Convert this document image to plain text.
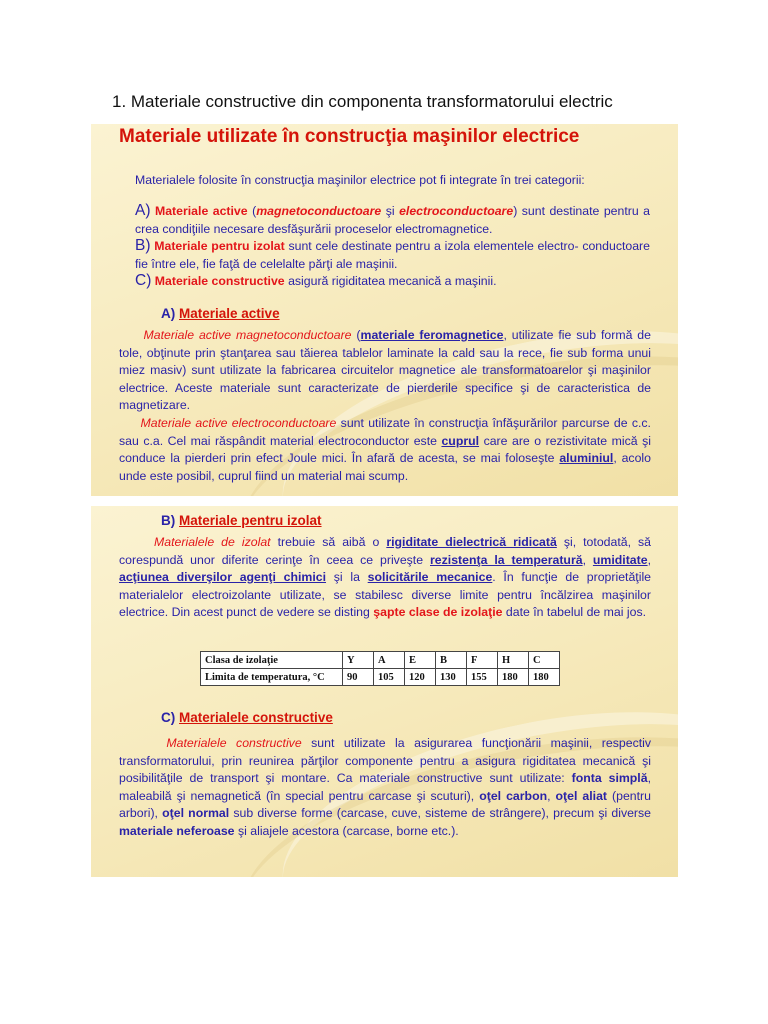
1. Materiale constructive din componenta transformatorului electric
Materiale utilizate în construcţia maşinilor electrice
Materialele folosite în construcţia maşinilor electrice pot fi integrate în trei categorii:
A) Materiale active (magnetoconductoare şi electroconductoare) sunt destinate pentru a crea condiţiile necesare desfăşurării proceselor electromagnetice.
B) Materiale pentru izolat sunt cele destinate pentru a izola elementele electro- conductoare fie între ele, fie faţă de celelalte părţi ale maşinii.
C) Materiale constructive asigură rigiditatea mecanică a maşinii.
A) Materiale active
Materiale active magnetoconductoare (materiale feromagnetice, utilizate fie sub formă de tole, obţinute prin ştanţarea sau tăierea tablelor laminate la cald sau la rece, fie sub forma unui miez masiv) sunt utilizate la fabricarea circuitelor magnetice ale transformatoarelor şi maşinilor electrice. Aceste materiale sunt caracterizate de pierderile specifice şi de caracteristica de magnetizare.
Materiale active electroconductoare sunt utilizate în construcţia înfăşurărilor parcurse de c.c. sau c.a. Cel mai răspândit material electroconductor este cuprul care are o rezistivitate mică şi conduce la pierderi prin efect Joule mici. În afară de acesta, se mai foloseşte aluminiul, acolo unde este posibil, cuprul fiind un material mai scump.
B) Materiale pentru izolat
Materialele de izolat trebuie să aibă o rigiditate dielectrică ridicată şi, totodată, să corespundă unor diferite cerinţe în ceea ce priveşte rezistenţa la temperatură, umiditate, acţiunea diverşilor agenţi chimici şi la solicitările mecanice. În funcţie de proprietăţile materialelor electroizolante utilizate, se stabilesc diverse limite pentru încălzirea maşinilor electrice. Din acest punct de vedere se disting şapte clase de izolaţie date în tabelul de mai jos.
Clasa de izolaţie	Y	A	E	B	F	H	C
Limita de temperatura, °C	90	105	120	130	155	180	180
C) Materialele constructive
Materialele constructive sunt utilizate la asigurarea funcţionării maşinii, respectiv transformatorului, prin reunirea părţilor componente pentru a asigura rigiditatea mecanică şi posibilităţile de transport şi montare. Ca materiale constructive sunt utilizate: fonta simplă, maleabilă şi nemagnetică (în special pentru carcase şi scuturi), oţel carbon, oţel aliat (pentru arbori), oţel normal sub diverse forme (carcase, cuve, sisteme de strângere), precum şi diverse materiale neferoase şi aliajele acestora (carcase, borne etc.).
